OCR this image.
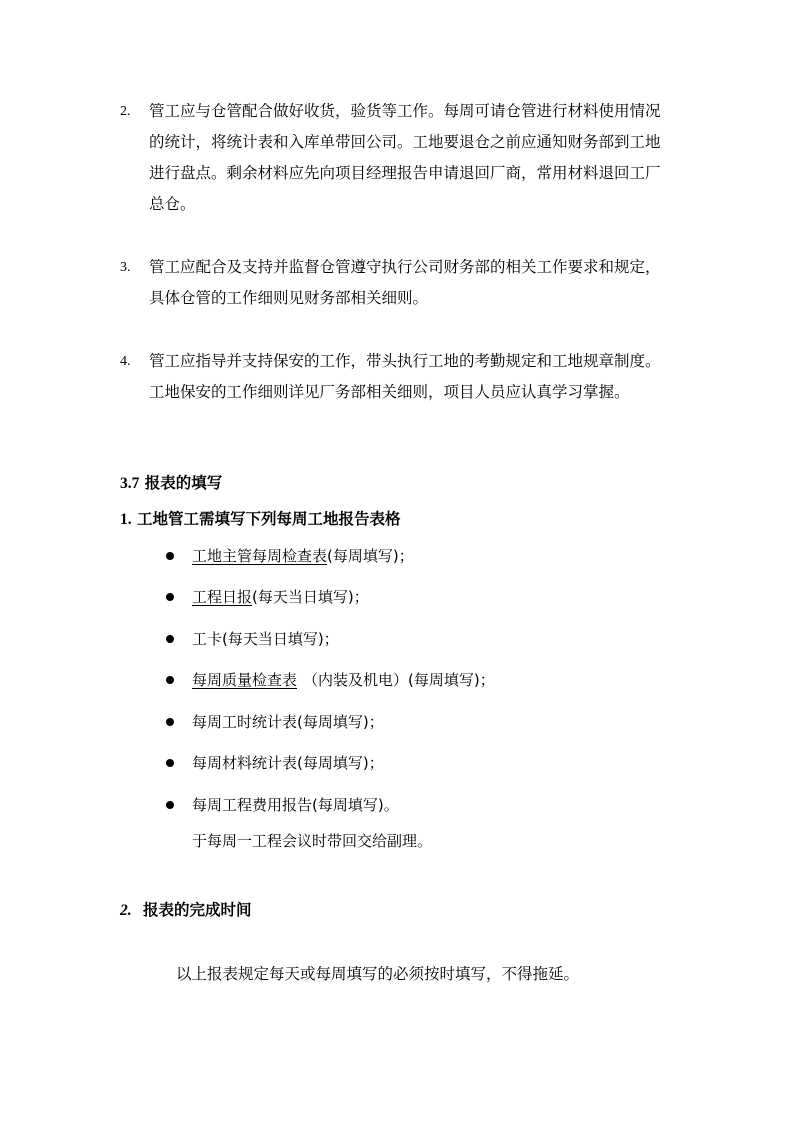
2. 管工应与仓管配合做好收货，验货等工作。每周可请仓管进行材料使用情况
的统计，将统计表和入库单带回公司。工地要退仓之前应通知财务部到工地
进行盘点。剩余材料应先向项目经理报告申请退回厂商，常用材料退回工厂
总仓。
3. 管工应配合及支持并监督仓管遵守执行公司财务部的相关工作要求和规定，
具体仓管的工作细则见财务部相关细则。
4. 管工应指导并支持保安的工作，带头执行工地的考勤规定和工地规章制度。
工地保安的工作细则详见厂务部相关细则，项目人员应认真学习掌握。
3.7 报表的填写
1. 工地管工需填写下列每周工地报告表格
工地主管每周检查表(每周填写)；
工程日报(每天当日填写)；
工卡(每天当日填写)；
每周质量检查表 （内装及机电）(每周填写)；
每周工时统计表(每周填写)；
每周材料统计表(每周填写)；
每周工程费用报告(每周填写)。
于每周一工程会议时带回交给副理。
2. 报表的完成时间
以上报表规定每天或每周填写的必须按时填写，不得拖延。
